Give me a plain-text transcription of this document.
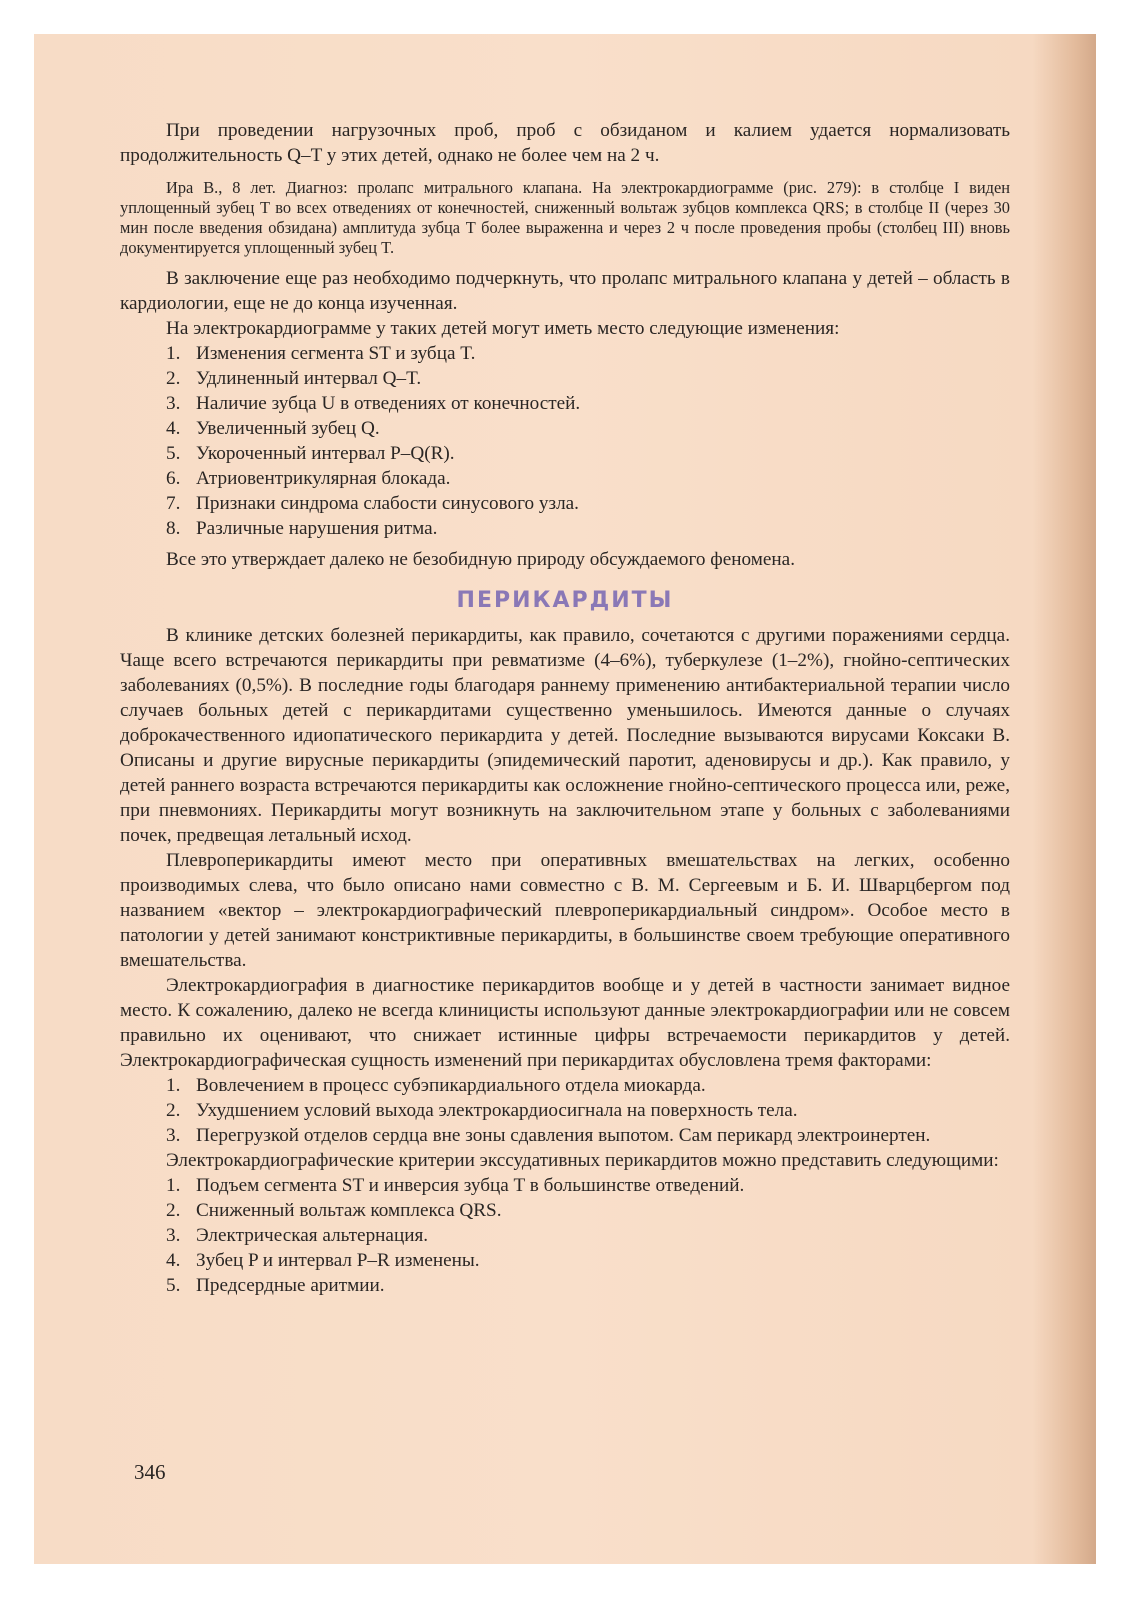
При проведении нагрузочных проб, проб с обзиданом и калием удается нормализовать продолжительность Q–T у этих детей, однако не более чем на 2 ч.

Ира В., 8 лет. Диагноз: пролапс митрального клапана. На электрокардиограмме (рис. 279): в столбце I виден уплощенный зубец T во всех отведениях от конечностей, сниженный вольтаж зубцов комплекса QRS; в столбце II (через 30 мин после введения обзидана) амплитуда зубца T более выраженна и через 2 ч после проведения пробы (столбец III) вновь документируется уплощенный зубец T.

В заключение еще раз необходимо подчеркнуть, что пролапс митрального клапана у детей – область в кардиологии, еще не до конца изученная.

На электрокардиограмме у таких детей могут иметь место следующие изменения:

1. Изменения сегмента ST и зубца T.
2. Удлиненный интервал Q–T.
3. Наличие зубца U в отведениях от конечностей.
4. Увеличенный зубец Q.
5. Укороченный интервал P–Q(R).
6. Атриовентрикулярная блокада.
7. Признаки синдрома слабости синусового узла.
8. Различные нарушения ритма.

Все это утверждает далеко не безобидную природу обсуждаемого феномена.

ПЕРИКАРДИТЫ

В клинике детских болезней перикардиты, как правило, сочетаются с другими поражениями сердца. Чаще всего встречаются перикардиты при ревматизме (4–6%), туберкулезе (1–2%), гнойно-септических заболеваниях (0,5%). В последние годы благодаря раннему применению антибактериальной терапии число случаев больных детей с перикардитами существенно уменьшилось. Имеются данные о случаях доброкачественного идиопатического перикардита у детей. Последние вызываются вирусами Коксаки В. Описаны и другие вирусные перикардиты (эпидемический паротит, аденовирусы и др.). Как правило, у детей раннего возраста встречаются перикардиты как осложнение гнойно-септического процесса или, реже, при пневмониях. Перикардиты могут возникнуть на заключительном этапе у больных с заболеваниями почек, предвещая летальный исход.

Плевроперикардиты имеют место при оперативных вмешательствах на легких, особенно производимых слева, что было описано нами совместно с В. М. Сергеевым и Б. И. Шварцбергом под названием «вектор – электрокардиографический плевроперикардиальный синдром». Особое место в патологии у детей занимают констриктивные перикардиты, в большинстве своем требующие оперативного вмешательства.

Электрокардиография в диагностике перикардитов вообще и у детей в частности занимает видное место. К сожалению, далеко не всегда клиницисты используют данные электрокардиографии или не совсем правильно их оценивают, что снижает истинные цифры встречаемости перикардитов у детей. Электрокардиографическая сущность изменений при перикардитах обусловлена тремя факторами:

1. Вовлечением в процесс субэпикардиального отдела миокарда.
2. Ухудшением условий выхода электрокардиосигнала на поверхность тела.
3. Перегрузкой отделов сердца вне зоны сдавления выпотом. Сам перикард электроинертен.

Электрокардиографические критерии экссудативных перикардитов можно представить следующими:

1. Подъем сегмента ST и инверсия зубца T в большинстве отведений.
2. Сниженный вольтаж комплекса QRS.
3. Электрическая альтернация.
4. Зубец P и интервал P–R изменены.
5. Предсердные аритмии.
346
